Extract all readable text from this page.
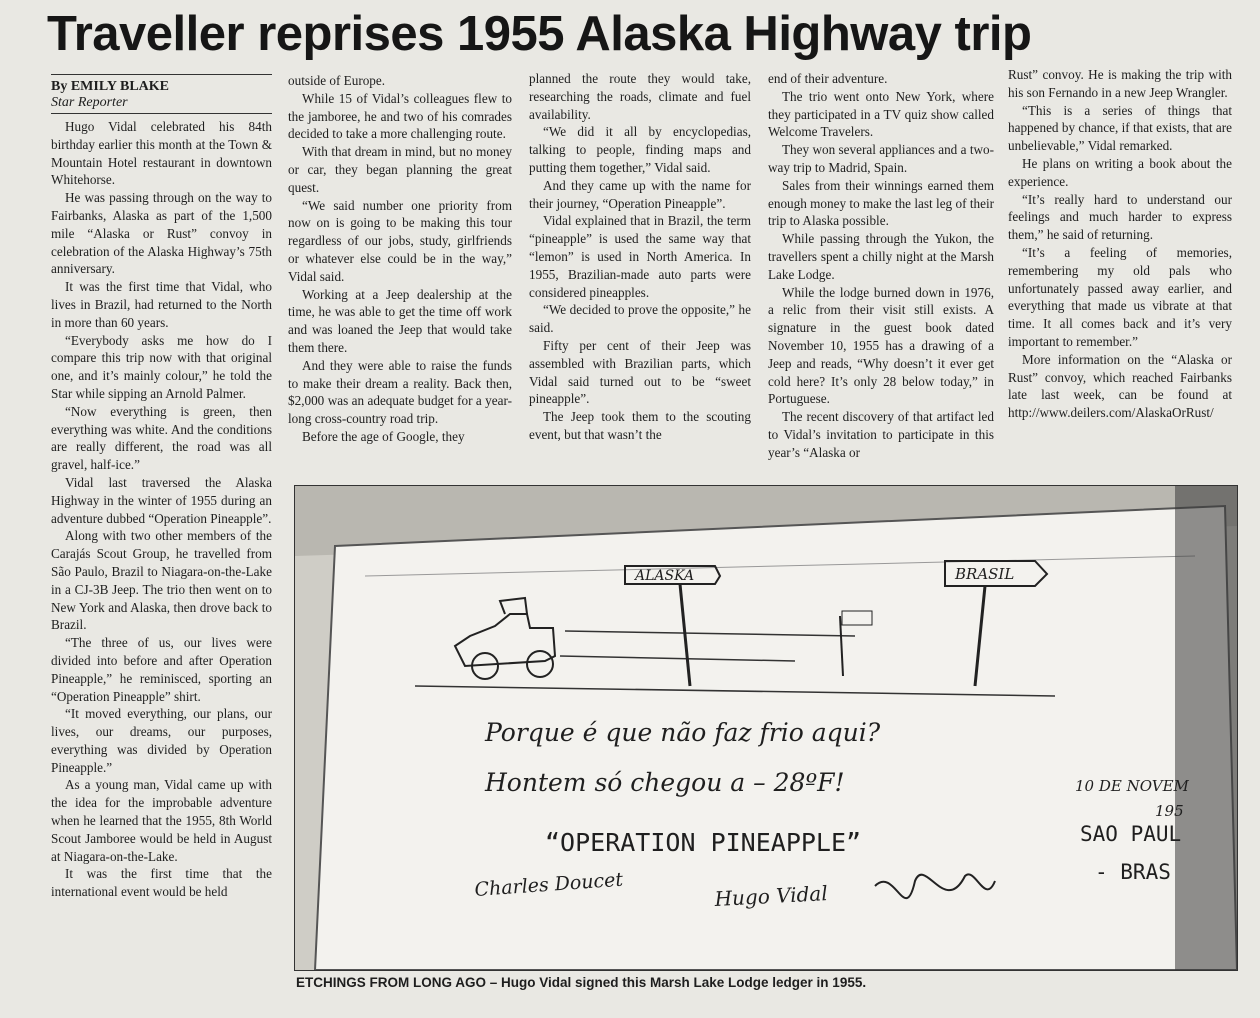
Traveller reprises 1955 Alaska Highway trip
By EMILY BLAKE
Star Reporter

Hugo Vidal celebrated his 84th birthday earlier this month at the Town & Mountain Hotel restaurant in downtown Whitehorse.

He was passing through on the way to Fairbanks, Alaska as part of the 1,500 mile “Alaska or Rust” convoy in celebration of the Alaska Highway’s 75th anniversary.

It was the first time that Vidal, who lives in Brazil, had returned to the North in more than 60 years.

“Everybody asks me how do I compare this trip now with that original one, and it’s mainly colour,” he told the Star while sipping an Arnold Palmer.

“Now everything is green, then everything was white. And the conditions are really different, the road was all gravel, half-ice.”

Vidal last traversed the Alaska Highway in the winter of 1955 during an adventure dubbed “Operation Pineapple”.

Along with two other members of the Carajás Scout Group, he travelled from São Paulo, Brazil to Niagara-on-the-Lake in a CJ-3B Jeep. The trio then went on to New York and Alaska, then drove back to Brazil.

“The three of us, our lives were divided into before and after Operation Pineapple,” he reminisced, sporting an “Operation Pineapple” shirt.

“It moved everything, our plans, our lives, our dreams, our purposes, everything was divided by Operation Pineapple.”

As a young man, Vidal came up with the idea for the improbable adventure when he learned that the 1955, 8th World Scout Jamboree would be held in August at Niagara-on-the-Lake.

It was the first time that the international event would be held

outside of Europe.

While 15 of Vidal’s colleagues flew to the jamboree, he and two of his comrades decided to take a more challenging route.

With that dream in mind, but no money or car, they began planning the great quest.

“We said number one priority from now on is going to be making this tour regardless of our jobs, study, girlfriends or whatever else could be in the way,” Vidal said.

Working at a Jeep dealership at the time, he was able to get the time off work and was loaned the Jeep that would take them there.

And they were able to raise the funds to make their dream a reality. Back then, $2,000 was an adequate budget for a year-long cross-country road trip.

Before the age of Google, they

planned the route they would take, researching the roads, climate and fuel availability.

“We did it all by encyclopedias, talking to people, finding maps and putting them together,” Vidal said.

And they came up with the name for their journey, “Operation Pineapple”.

Vidal explained that in Brazil, the term “pineapple” is used the same way that “lemon” is used in North America. In 1955, Brazilian-made auto parts were considered pineapples.

“We decided to prove the opposite,” he said.

Fifty per cent of their Jeep was assembled with Brazilian parts, which Vidal said turned out to be “sweet pineapple”.

The Jeep took them to the scouting event, but that wasn’t the

end of their adventure.

The trio went onto New York, where they participated in a TV quiz show called Welcome Travelers.

They won several appliances and a two-way trip to Madrid, Spain.

Sales from their winnings earned them enough money to make the last leg of their trip to Alaska possible.

While passing through the Yukon, the travellers spent a chilly night at the Marsh Lake Lodge.

While the lodge burned down in 1976, a relic from their visit still exists. A signature in the guest book dated November 10, 1955 has a drawing of a Jeep and reads, “Why doesn’t it ever get cold here? It’s only 28 below today,” in Portuguese.

The recent discovery of that artifact led to Vidal’s invitation to participate in this year’s “Alaska or

Rust” convoy. He is making the trip with his son Fernando in a new Jeep Wrangler.

“This is a series of things that happened by chance, if that exists, that are unbelievable,” Vidal remarked.

He plans on writing a book about the experience.

“It’s really hard to understand our feelings and much harder to express them,” he said of returning.

“It’s a feeling of memories, remembering my old pals who unfortunately passed away earlier, and everything that made us vibrate at that time. It all comes back and it’s very important to remember.”

More information on the “Alaska or Rust” convoy, which reached Fairbanks late last week, can be found at http://www.deilers.com/AlaskaOrRust/

ALASKA	BRASIL
Porque é que não faz frio aqui?
Hontem só chegou a – 28ºF!	10 DE NOVEM
195
“OPERATION PINEAPPLE”	SAO PAUL
- BRAS
Charles Doucet	Hugo Vidal
ETCHINGS FROM LONG AGO – Hugo Vidal signed this Marsh Lake Lodge ledger in 1955.
